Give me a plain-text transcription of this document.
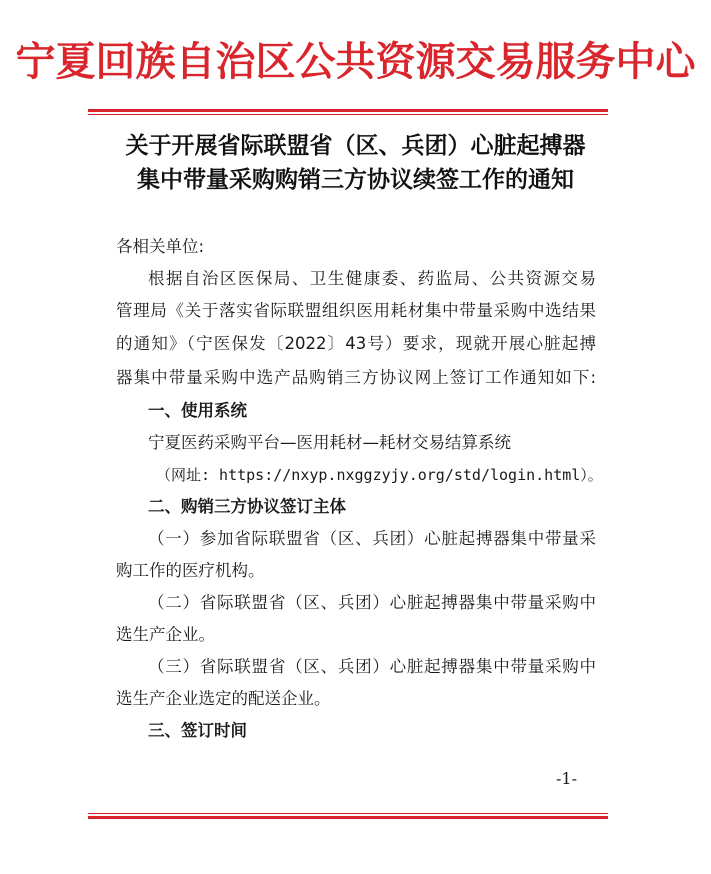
宁夏回族自治区公共资源交易服务中心
关于开展省际联盟省（区、兵团）心脏起搏器
集中带量采购购销三方协议续签工作的通知
各相关单位:
根据自治区医保局、卫生健康委、药监局、公共资源交易
管理局《关于落实省际联盟组织医用耗材集中带量采购中选结果
的通知》（宁医保发〔2022〕43号）要求，现就开展心脏起搏
器集中带量采购中选产品购销三方协议网上签订工作通知如下:
一、使用系统
宁夏医药采购平台—医用耗材—耗材交易结算系统
（网址: https://nxyp.nxggzyjy.org/std/login.html）。
二、购销三方协议签订主体
（一）参加省际联盟省（区、兵团）心脏起搏器集中带量采
购工作的医疗机构。
（二）省际联盟省（区、兵团）心脏起搏器集中带量采购中
选生产企业。
（三）省际联盟省（区、兵团）心脏起搏器集中带量采购中
选生产企业选定的配送企业。
三、签订时间
-1-
